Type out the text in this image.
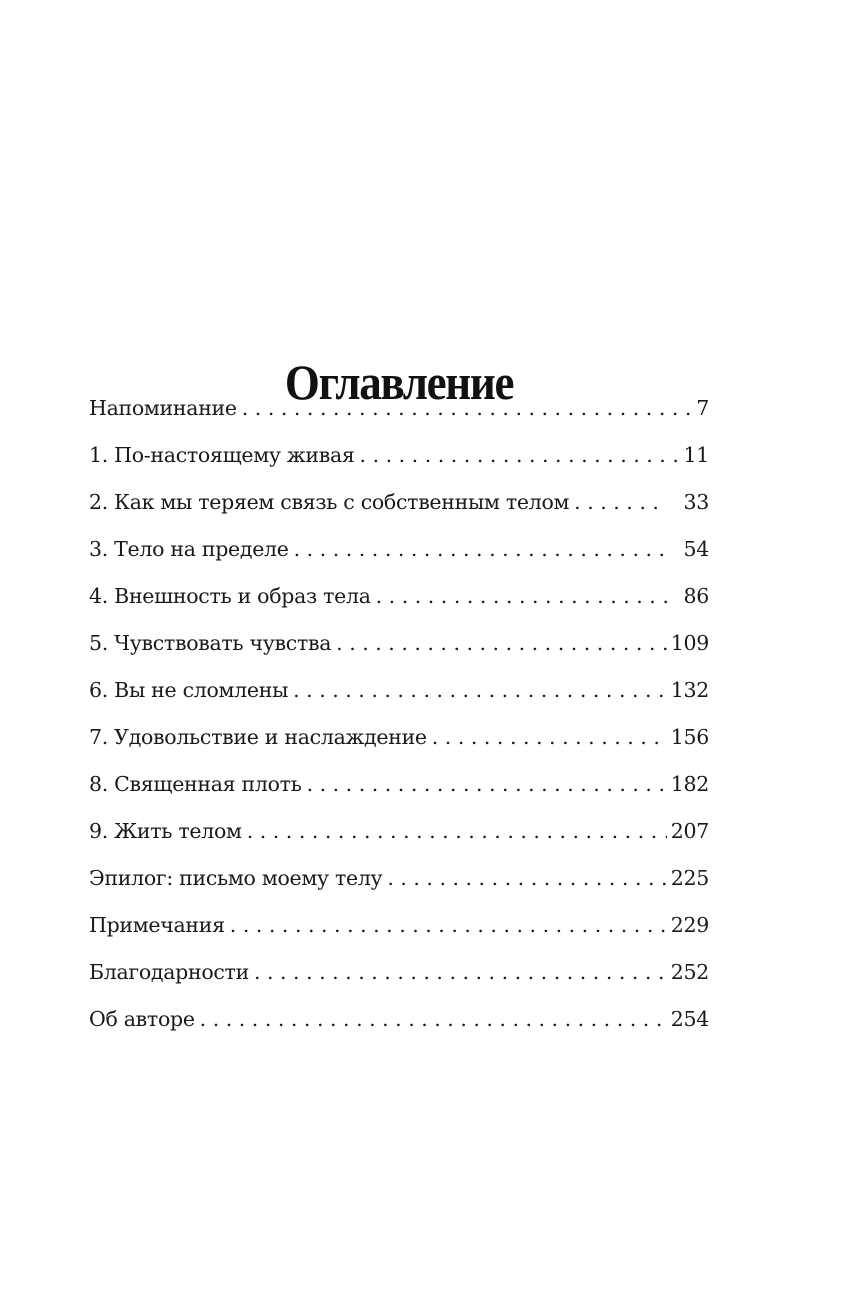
Оглавление
Напоминание . . .	7
1. По-настоящему живая . . .	11
2. Как мы теряем связь с собственным телом . . .	33
3. Тело на пределе . . .	54
4. Внешность и образ тела . . .	86
5. Чувствовать чувства . . .	109
6. Вы не сломлены . . .	132
7. Удовольствие и наслаждение . . .	156
8. Священная плоть . . .	182
9. Жить телом . . .	207
Эпилог: письмо моему телу . . .	225
Примечания . . .	229
Благодарности . . .	252
Об авторе . . .	254
